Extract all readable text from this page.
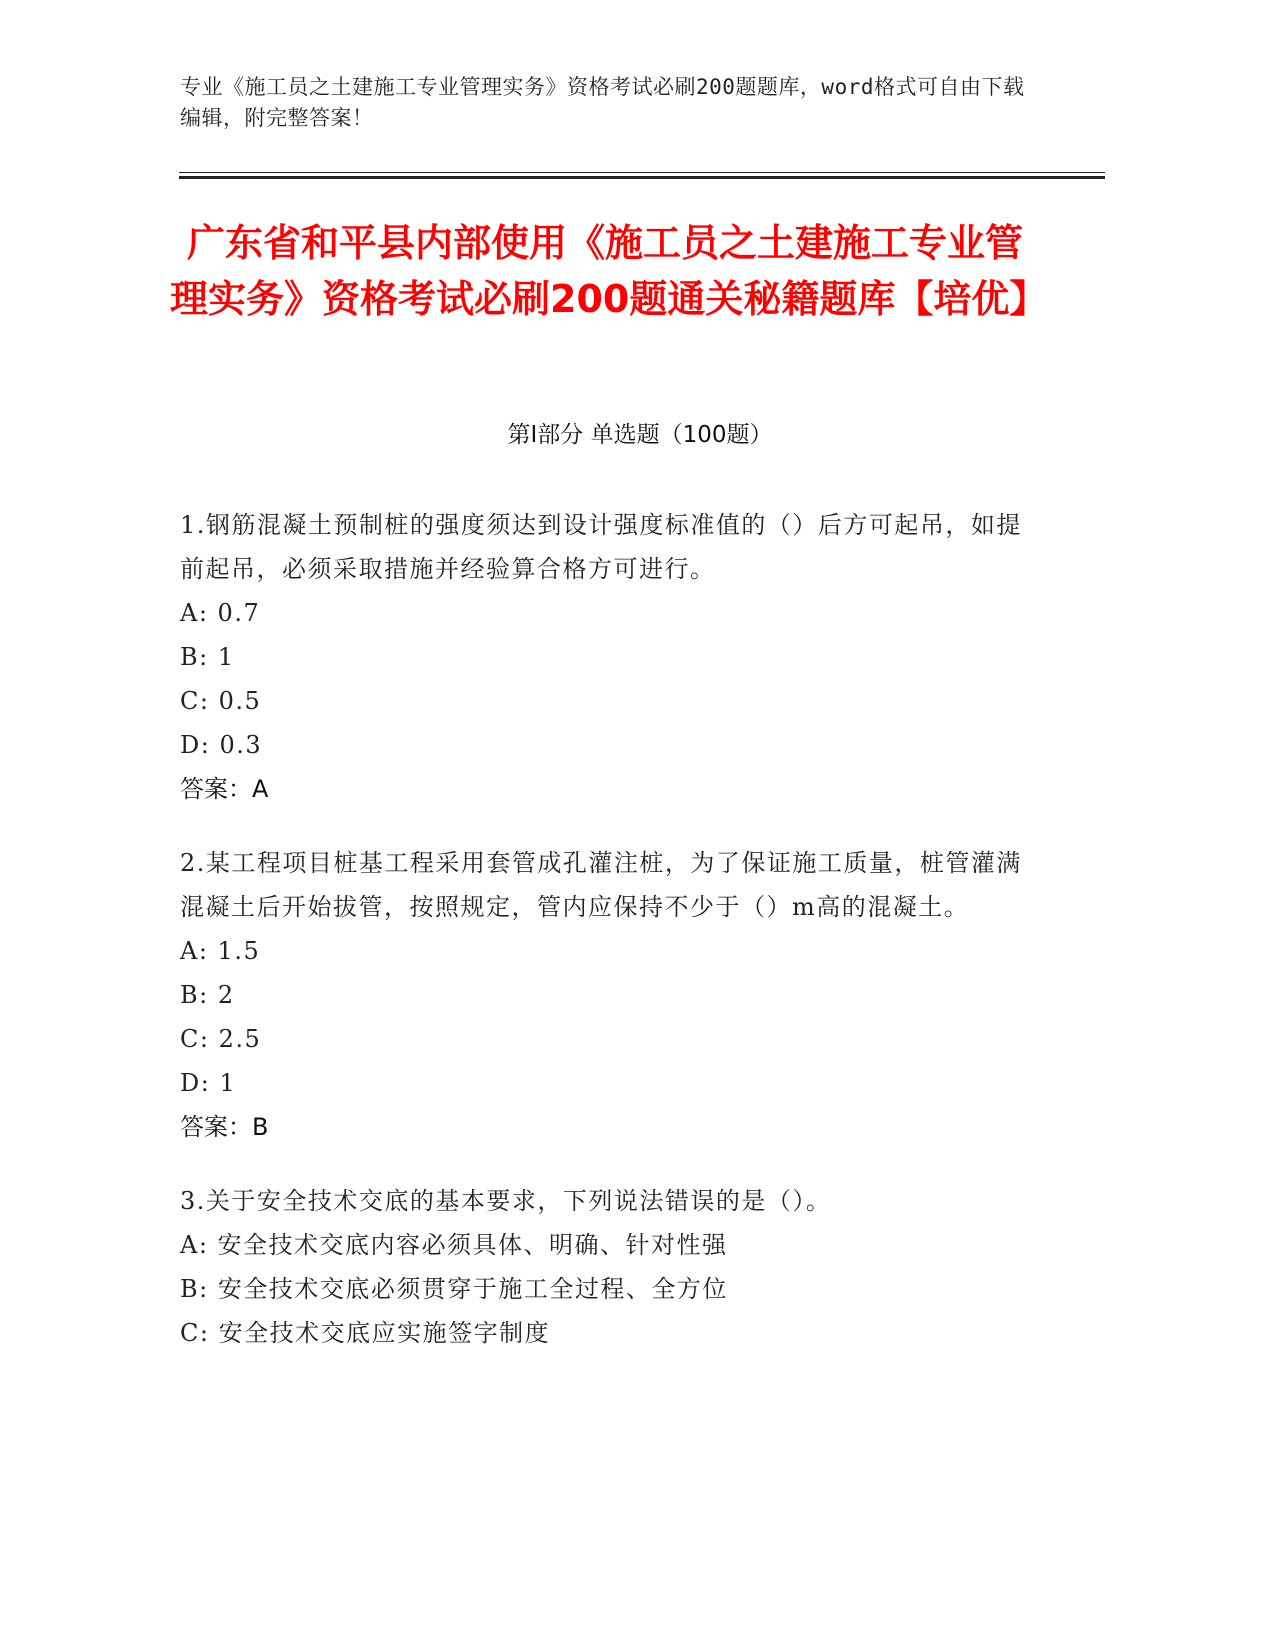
专业《施工员之土建施工专业管理实务》资格考试必刷200题题库，word格式可自由下载编辑，附完整答案！
广东省和平县内部使用《施工员之土建施工专业管理实务》资格考试必刷200题通关秘籍题库【培优】
第I部分 单选题（100题）
1.钢筋混凝土预制桩的强度须达到设计强度标准值的（）后方可起吊，如提前起吊，必须采取措施并经验算合格方可进行。
A: 0.7
B: 1
C: 0.5
D: 0.3
答案：A
2.某工程项目桩基工程采用套管成孔灌注桩，为了保证施工质量，桩管灌满混凝土后开始拔管，按照规定，管内应保持不少于（）m高的混凝土。
A: 1.5
B: 2
C: 2.5
D: 1
答案：B
3.关于安全技术交底的基本要求，下列说法错误的是（）。
A: 安全技术交底内容必须具体、明确、针对性强
B: 安全技术交底必须贯穿于施工全过程、全方位
C: 安全技术交底应实施签字制度
